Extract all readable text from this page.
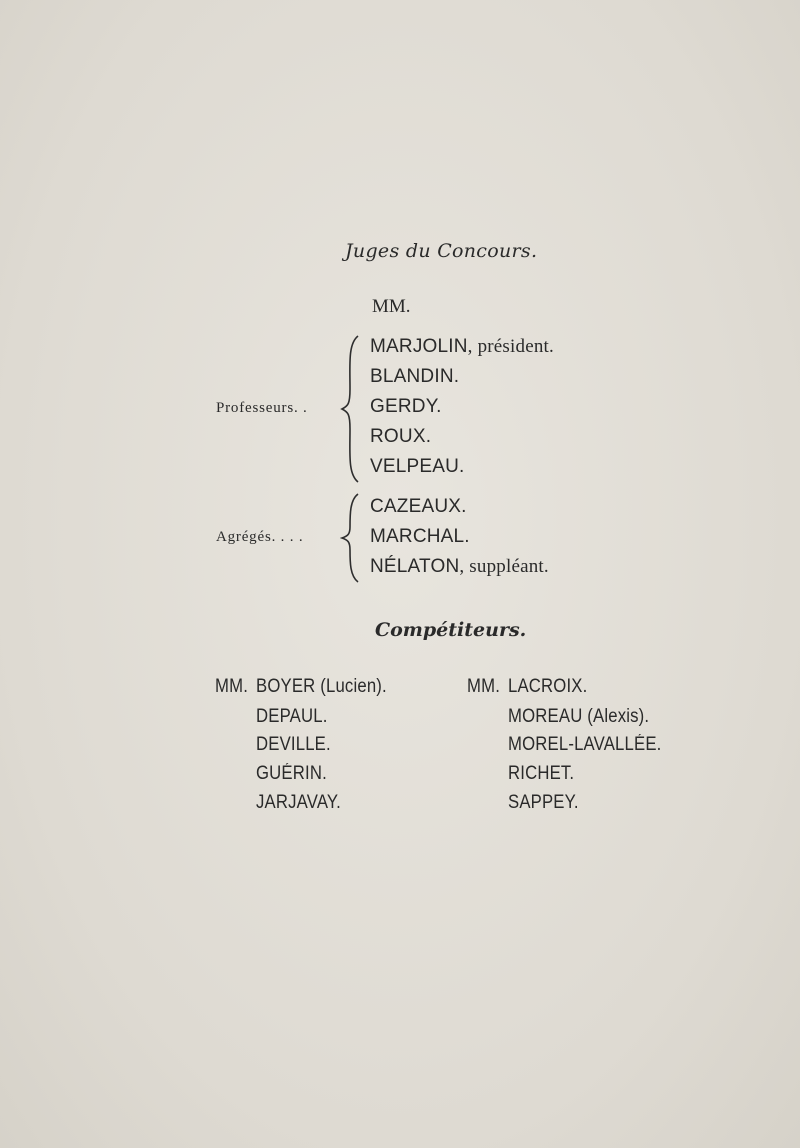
Juges du Concours.
MM.
Professeurs. .
MARJOLIN, président.
BLANDIN.
GERDY.
ROUX.
VELPEAU.
Agrégés. . . .
CAZEAUX.
MARCHAL.
NÉLATON, suppléant.
Compétiteurs.
MM. BOYER (Lucien).
DEPAUL.
DEVILLE.
GUÉRIN.
JARJAVAY.
MM. LACROIX.
MOREAU (Alexis).
MOREL-LAVALLÉE.
RICHET.
SAPPEY.
